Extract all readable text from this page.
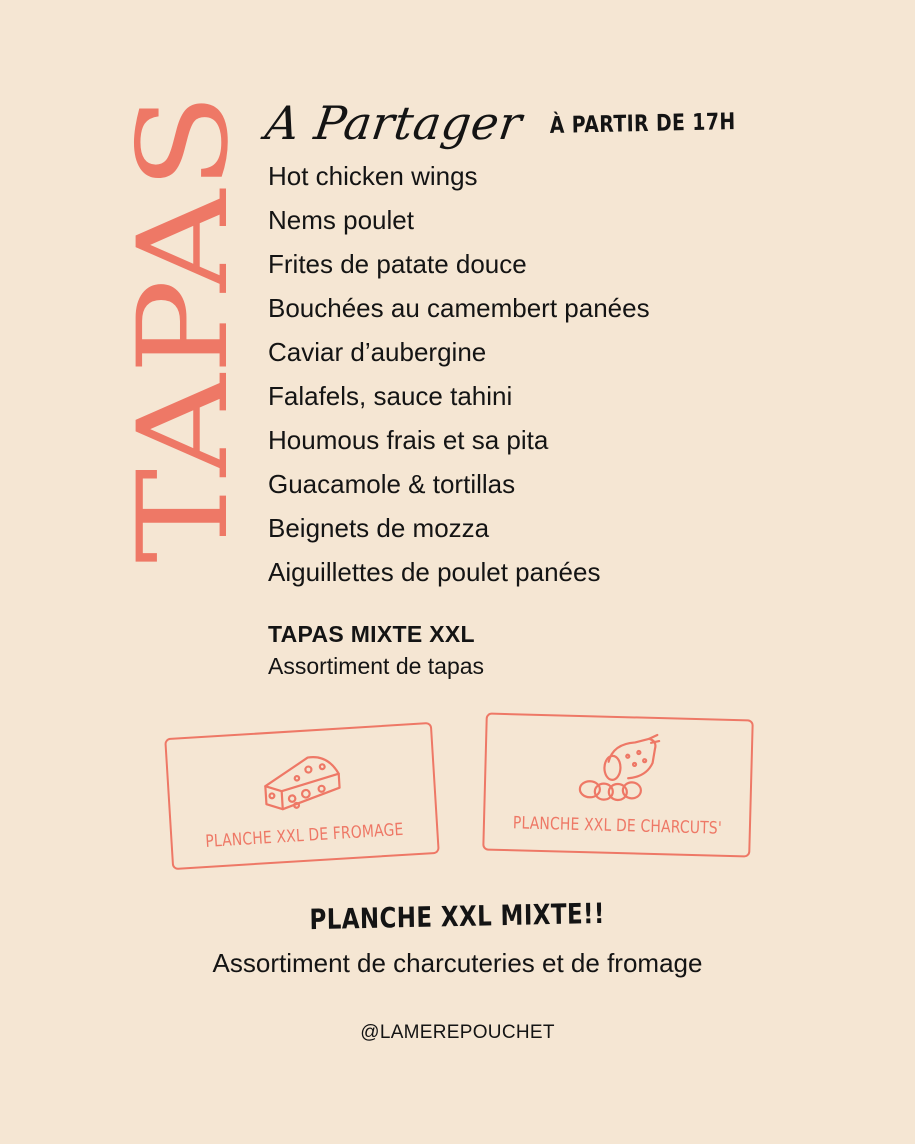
TAPAS
A Partager À PARTIR DE 17H
Hot chicken wings
Nems poulet
Frites de patate douce
Bouchées au camembert panées
Caviar d’aubergine
Falafels, sauce tahini
Houmous frais et sa pita
Guacamole & tortillas
Beignets de mozza
Aiguillettes de poulet panées
TAPAS MIXTE XXL
Assortiment de tapas
PLANCHE XXL DE FROMAGE	PLANCHE XXL DE CHARCUTS'
PLANCHE XXL MIXTE!!
Assortiment de charcuteries et de fromage
@LAMEREPOUCHET
